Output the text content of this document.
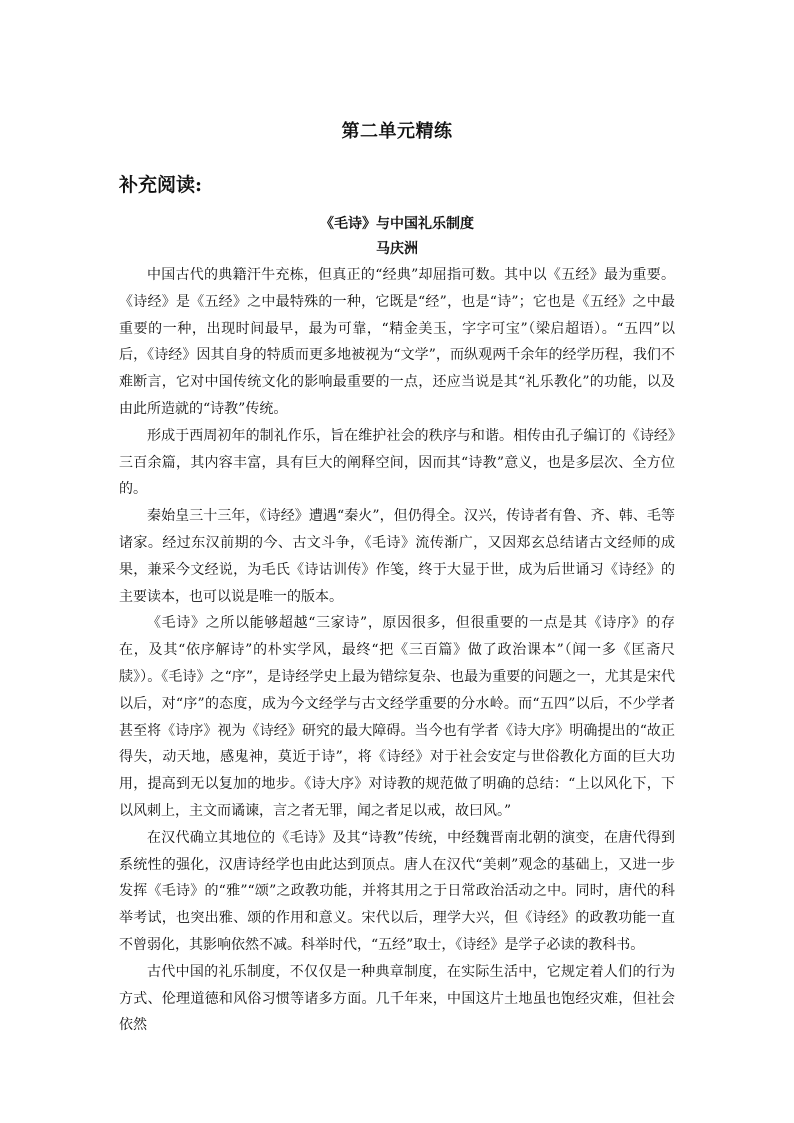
第二单元精练
补充阅读:
《毛诗》与中国礼乐制度
马庆洲

中国古代的典籍汗牛充栋，但真正的“经典”却屈指可数。其中以《五经》最为重要。《诗经》是《五经》之中最特殊的一种，它既是“经”，也是“诗”；它也是《五经》之中最重要的一种，出现时间最早，最为可靠，“精金美玉，字字可宝”（梁启超语）。“五四”以后，《诗经》因其自身的特质而更多地被视为“文学”，而纵观两千余年的经学历程，我们不难断言，它对中国传统文化的影响最重要的一点，还应当说是其“礼乐教化”的功能，以及由此所造就的“诗教”传统。

形成于西周初年的制礼作乐，旨在维护社会的秩序与和谐。相传由孔子编订的《诗经》三百余篇，其内容丰富，具有巨大的阐释空间，因而其“诗教”意义，也是多层次、全方位的。

秦始皇三十三年，《诗经》遭遇“秦火”，但仍得全。汉兴，传诗者有鲁、齐、韩、毛等诸家。经过东汉前期的今、古文斗争，《毛诗》流传渐广，又因郑玄总结诸古文经师的成果，兼采今文经说，为毛氏《诗诂训传》作笺，终于大显于世，成为后世诵习《诗经》的主要读本，也可以说是唯一的版本。

《毛诗》之所以能够超越“三家诗”，原因很多，但很重要的一点是其《诗序》的存在，及其“依序解诗”的朴实学风，最终“把《三百篇》做了政治课本”（闻一多《匡斋尺牍》）。《毛诗》之“序”，是诗经学史上最为错综复杂、也最为重要的问题之一，尤其是宋代以后，对“序”的态度，成为今文经学与古文经学重要的分水岭。而“五四”以后，不少学者甚至将《诗序》视为《诗经》研究的最大障碍。当今也有学者《诗大序》明确提出的“故正得失，动天地，感鬼神，莫近于诗”，将《诗经》对于社会安定与世俗教化方面的巨大功用，提高到无以复加的地步。《诗大序》对诗教的规范做了明确的总结：“上以风化下，下以风刺上，主文而谲谏，言之者无罪，闻之者足以戒，故曰风。”

在汉代确立其地位的《毛诗》及其“诗教”传统，中经魏晋南北朝的演变，在唐代得到系统性的强化，汉唐诗经学也由此达到顶点。唐人在汉代“美刺”观念的基础上，又进一步发挥《毛诗》的“雅”“颂”之政教功能，并将其用之于日常政治活动之中。同时，唐代的科举考试，也突出雅、颂的作用和意义。宋代以后，理学大兴，但《诗经》的政教功能一直不曾弱化，其影响依然不减。科举时代，“五经”取士，《诗经》是学子必读的教科书。

古代中国的礼乐制度，不仅仅是一种典章制度，在实际生活中，它规定着人们的行为方式、伦理道德和风俗习惯等诸多方面。几千年来，中国这片土地虽也饱经灾难，但社会依然
